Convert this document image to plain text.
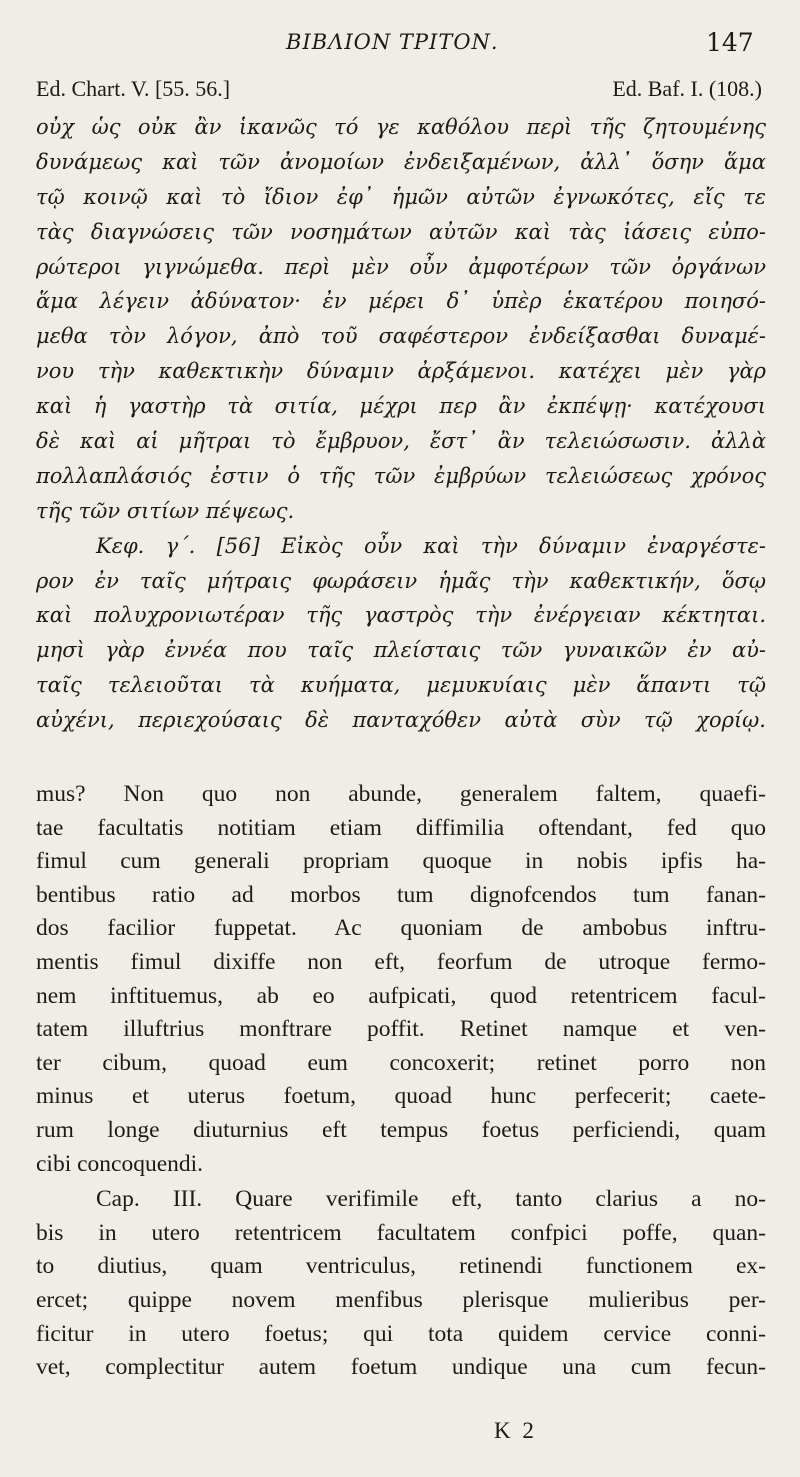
BIBΛΙΟΝ ΤΡΙΤΟΝ.	147
Ed. Chart. V. [55. 56.]	Ed. Baf. I. (108.)
οὐχ ὡς οὐκ ἂν ἱκανῶς τό γε καθόλου περὶ τῆς ζητουμένης
δυνάμεως καὶ τῶν ἀνομοίων ἐνδειξαμένων, ἀλλ᾽ ὅσην ἅμα
τῷ κοινῷ καὶ τὸ ἴδιον ἐφ᾽ ἡμῶν αὐτῶν ἐγνωκότες, εἴς τε
τὰς διαγνώσεις τῶν νοσημάτων αὐτῶν καὶ τὰς ἰάσεις εὐπο-
ρώτεροι γιγνώμεθα. περὶ μὲν οὖν ἀμφοτέρων τῶν ὀργάνων
ἅμα λέγειν ἀδύνατον· ἐν μέρει δ᾽ ὑπὲρ ἑκατέρου ποιησό-
μεθα τὸν λόγον, ἀπὸ τοῦ σαφέστερον ἐνδείξασθαι δυναμέ-
νου τὴν καθεκτικὴν δύναμιν ἀρξάμενοι. κατέχει μὲν γὰρ
καὶ ἡ γαστὴρ τὰ σιτία, μέχρι περ ἂν ἐκπέψῃ· κατέχουσι
δὲ καὶ αἱ μῆτραι τὸ ἔμβρυον, ἔστ᾽ ἂν τελειώσωσιν. ἀλλὰ
πολλαπλάσιός ἐστιν ὁ τῆς τῶν ἐμβρύων τελειώσεως χρόνος
τῆς τῶν σιτίων πέψεως.
Κεφ. γ΄. [56] Εἰκὸς οὖν καὶ τὴν δύναμιν ἐναργέστε-
ρον ἐν ταῖς μήτραις φωράσειν ἡμᾶς τὴν καθεκτικήν, ὅσῳ
καὶ πολυχρονιωτέραν τῆς γαστρὸς τὴν ἐνέργειαν κέκτηται.
μησὶ γὰρ ἐννέα που ταῖς πλείσταις τῶν γυναικῶν ἐν αὐ-
ταῖς τελειοῦται τὰ κυήματα, μεμυκυίαις μὲν ἅπαντι τῷ
αὐχένι, περιεχούσαις δὲ πανταχόθεν αὐτὰ σὺν τῷ χορίῳ.
mus? Non quo non abunde, generalem faltem, quaefi-
tae facultatis notitiam etiam diffimilia oftendant, fed quo
fimul cum generali propriam quoque in nobis ipfis ha-
bentibus ratio ad morbos tum dignofcendos tum fanan-
dos facilior fuppetat. Ac quoniam de ambobus inftru-
mentis fimul dixiffe non eft, feorfum de utroque fermo-
nem inftituemus, ab eo aufpicati, quod retentricem facul-
tatem illuftrius monftrare poffit. Retinet namque et ven-
ter cibum, quoad eum concoxerit; retinet porro non
minus et uterus foetum, quoad hunc perfecerit; caete-
rum longe diuturnius eft tempus foetus perficiendi, quam
cibi concoquendi.
Cap. III. Quare verifimile eft, tanto clarius a no-
bis in utero retentricem facultatem confpici poffe, quan-
to diutius, quam ventriculus, retinendi functionem ex-
ercet; quippe novem menfibus plerisque mulieribus per-
ficitur in utero foetus; qui tota quidem cervice conni-
vet, complectitur autem foetum undique una cum fecun-
K 2
